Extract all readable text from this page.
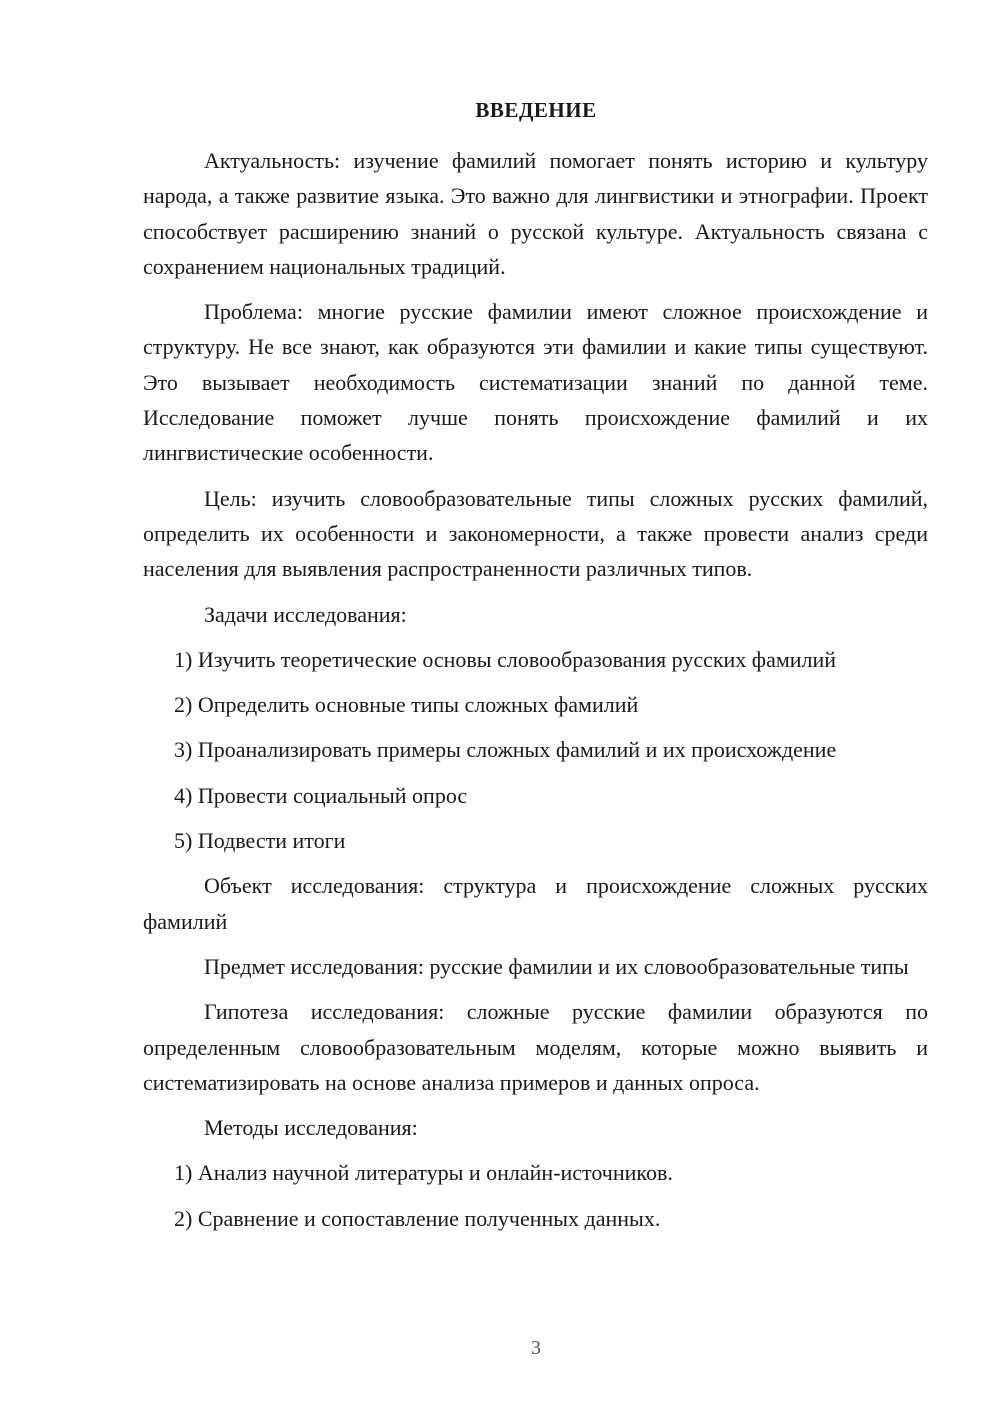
ВВЕДЕНИЕ

Актуальность: изучение фамилий помогает понять историю и культуру народа, а также развитие языка. Это важно для лингвистики и этнографии. Проект способствует расширению знаний о русской культуре. Актуальность связана с сохранением национальных традиций.

Проблема: многие русские фамилии имеют сложное происхождение и структуру. Не все знают, как образуются эти фамилии и какие типы существуют. Это вызывает необходимость систематизации знаний по данной теме. Исследование поможет лучше понять происхождение фамилий и их лингвистические особенности.

Цель: изучить словообразовательные типы сложных русских фамилий, определить их особенности и закономерности, а также провести анализ среди населения для выявления распространенности различных типов.

Задачи исследования:

1) Изучить теоретические основы словообразования русских фамилий

2) Определить основные типы сложных фамилий

3) Проанализировать примеры сложных фамилий и их происхождение

4) Провести социальный опрос

5) Подвести итоги

Объект исследования: структура и происхождение сложных русских фамилий

Предмет исследования: русские фамилии и их словообразовательные типы

Гипотеза исследования: сложные русские фамилии образуются по определенным словообразовательным моделям, которые можно выявить и систематизировать на основе анализа примеров и данных опроса.

Методы исследования:

1) Анализ научной литературы и онлайн-источников.

2) Сравнение и сопоставление полученных данных.

3
